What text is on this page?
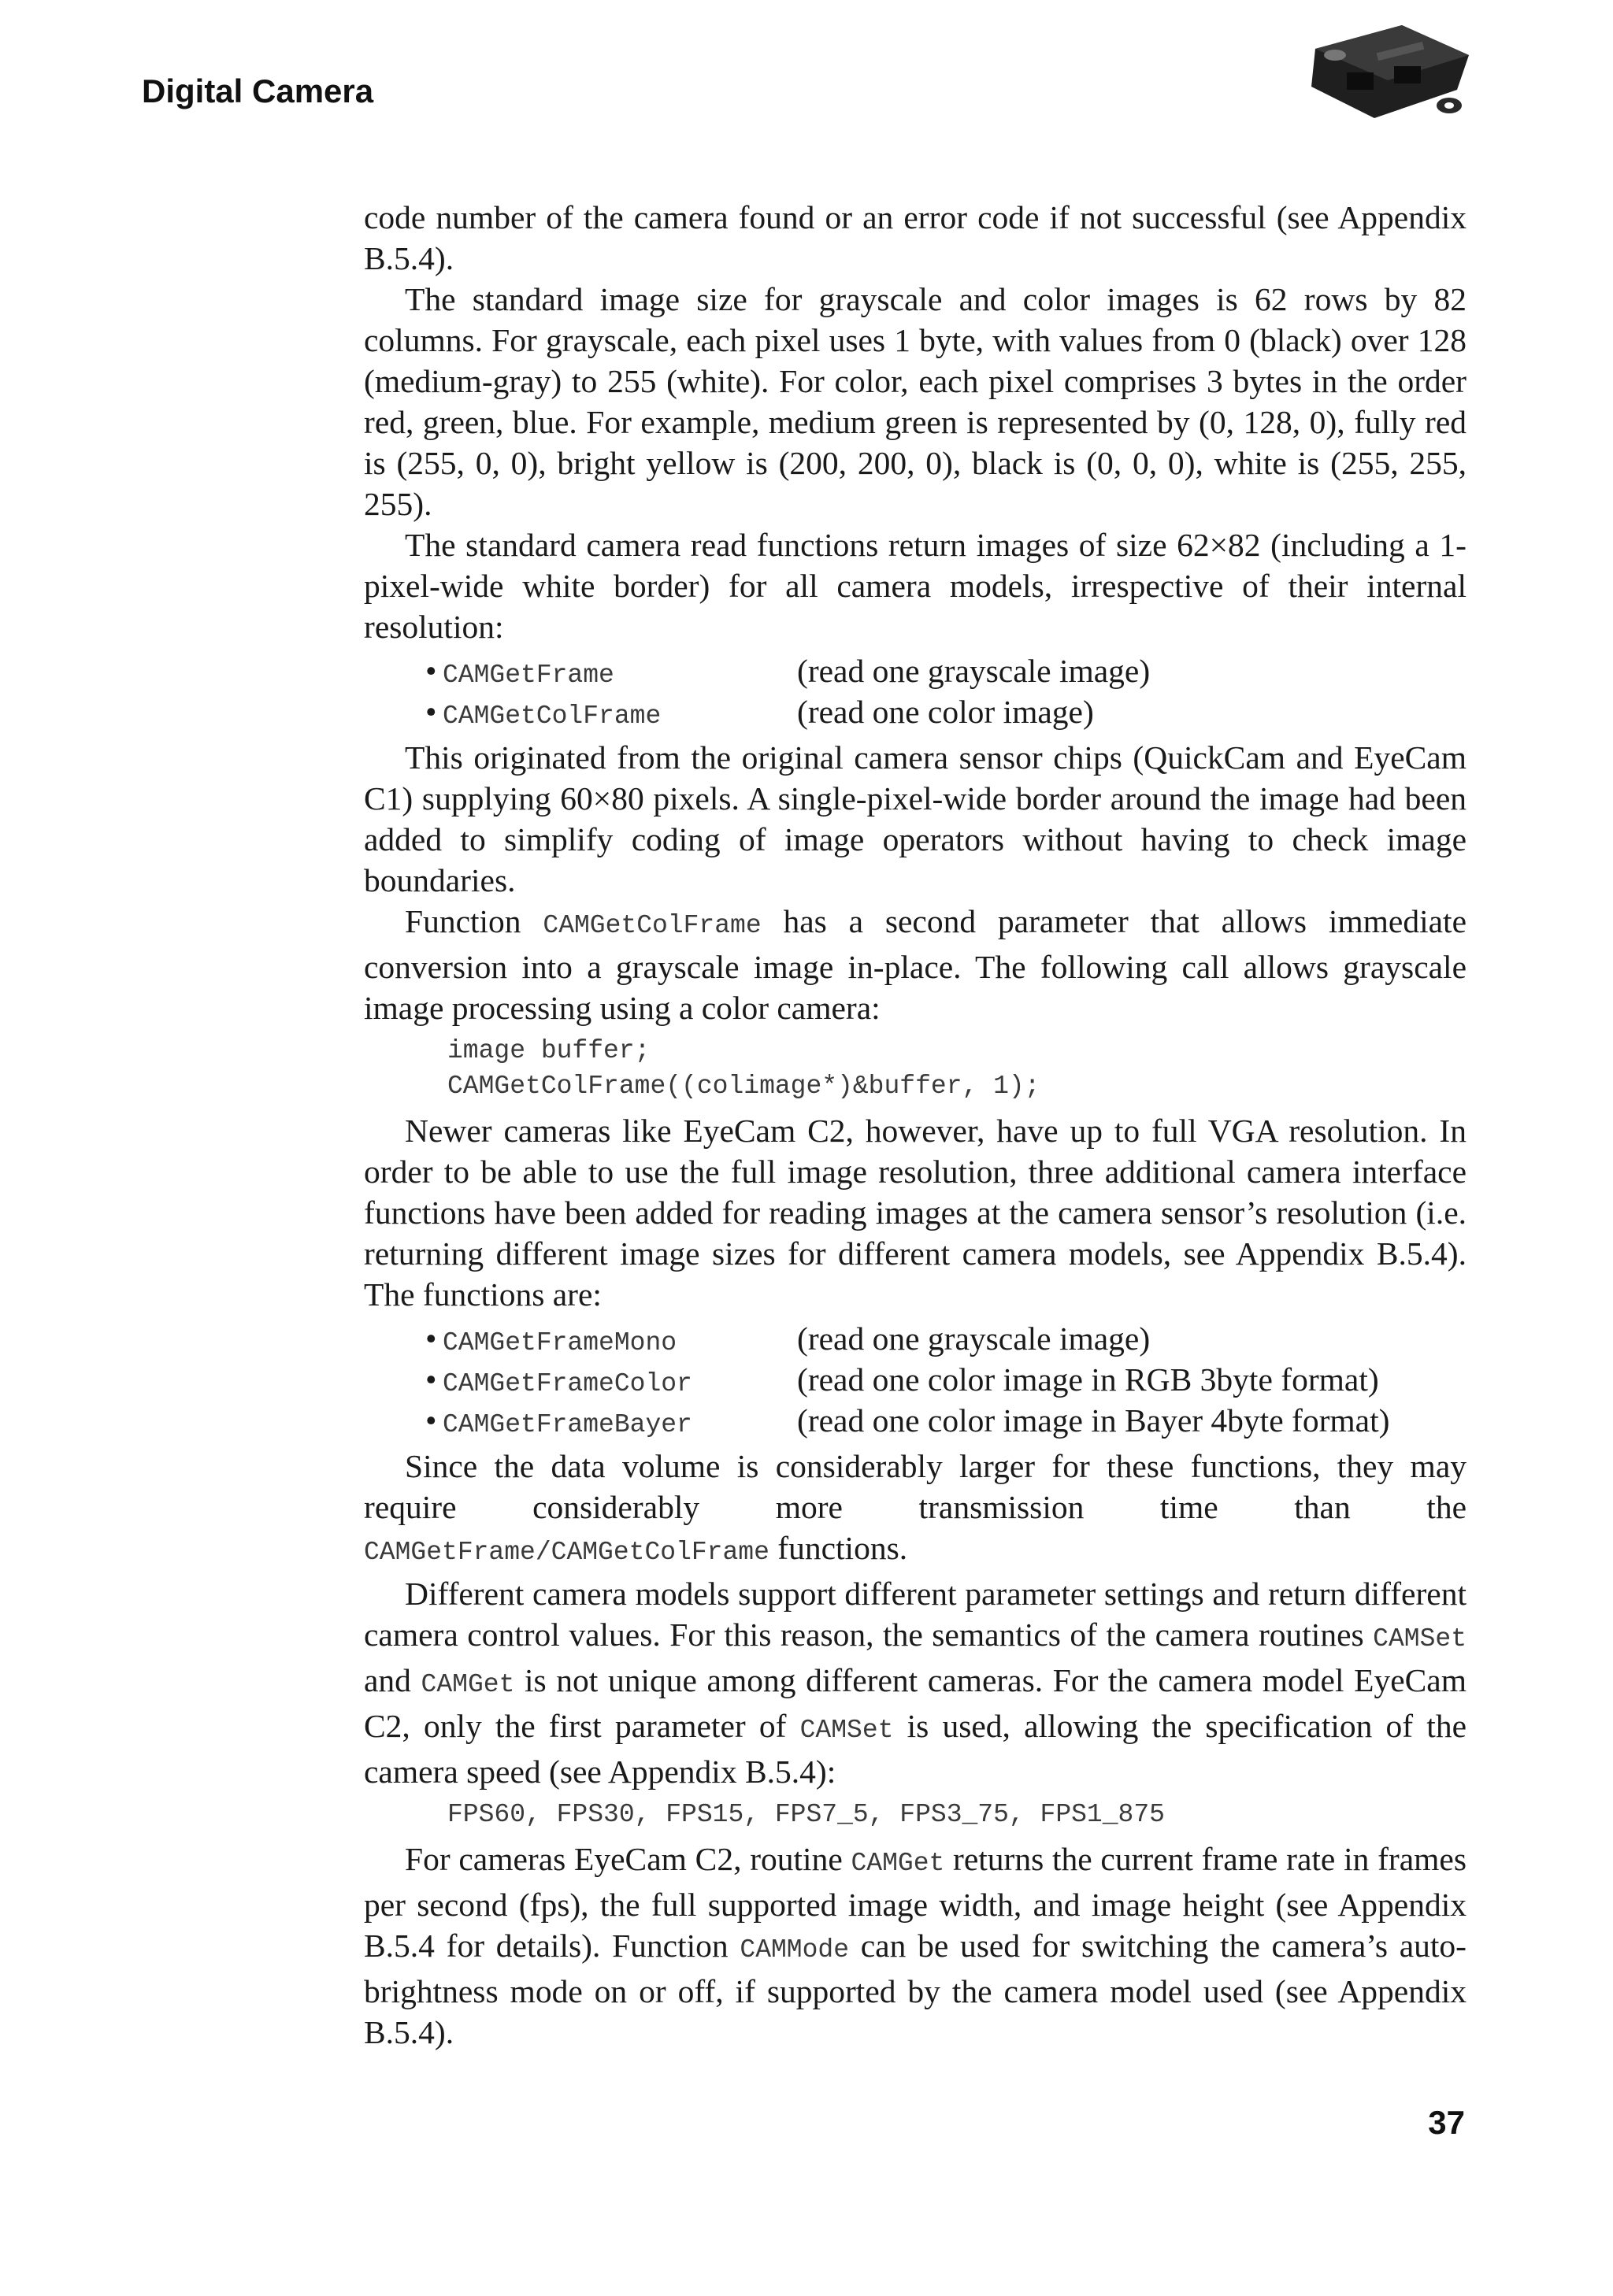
Digital Camera

code number of the camera found or an error code if not successful (see Appendix B.5.4).

The standard image size for grayscale and color images is 62 rows by 82 columns. For grayscale, each pixel uses 1 byte, with values from 0 (black) over 128 (medium-gray) to 255 (white). For color, each pixel comprises 3 bytes in the order red, green, blue. For example, medium green is represented by (0, 128, 0), fully red is (255, 0, 0), bright yellow is (200, 200, 0), black is (0, 0, 0), white is (255, 255, 255).

The standard camera read functions return images of size 62×82 (including a 1-pixel-wide white border) for all camera models, irrespective of their internal resolution:

• CAMGetFrame	(read one grayscale image)
• CAMGetColFrame	(read one color image)

This originated from the original camera sensor chips (QuickCam and EyeCam C1) supplying 60×80 pixels. A single-pixel-wide border around the image had been added to simplify coding of image operators without having to check image boundaries.

Function CAMGetColFrame has a second parameter that allows immediate conversion into a grayscale image in-place. The following call allows grayscale image processing using a color camera:

image buffer;
CAMGetColFrame((colimage*)&buffer, 1);

Newer cameras like EyeCam C2, however, have up to full VGA resolution. In order to be able to use the full image resolution, three additional camera interface functions have been added for reading images at the camera sensor’s resolution (i.e. returning different image sizes for different camera models, see Appendix B.5.4). The functions are:

• CAMGetFrameMono	(read one grayscale image)
• CAMGetFrameColor	(read one color image in RGB 3byte format)
• CAMGetFrameBayer	(read one color image in Bayer 4byte format)

Since the data volume is considerably larger for these functions, they may require considerably more transmission time than the CAMGetFrame/CAMGetColFrame functions.

Different camera models support different parameter settings and return different camera control values. For this reason, the semantics of the camera routines CAMSet and CAMGet is not unique among different cameras. For the camera model EyeCam C2, only the first parameter of CAMSet is used, allowing the specification of the camera speed (see Appendix B.5.4):

FPS60, FPS30, FPS15, FPS7_5, FPS3_75, FPS1_875

For cameras EyeCam C2, routine CAMGet returns the current frame rate in frames per second (fps), the full supported image width, and image height (see Appendix B.5.4 for details). Function CAMMode can be used for switching the camera’s auto-brightness mode on or off, if supported by the camera model used (see Appendix B.5.4).

37
